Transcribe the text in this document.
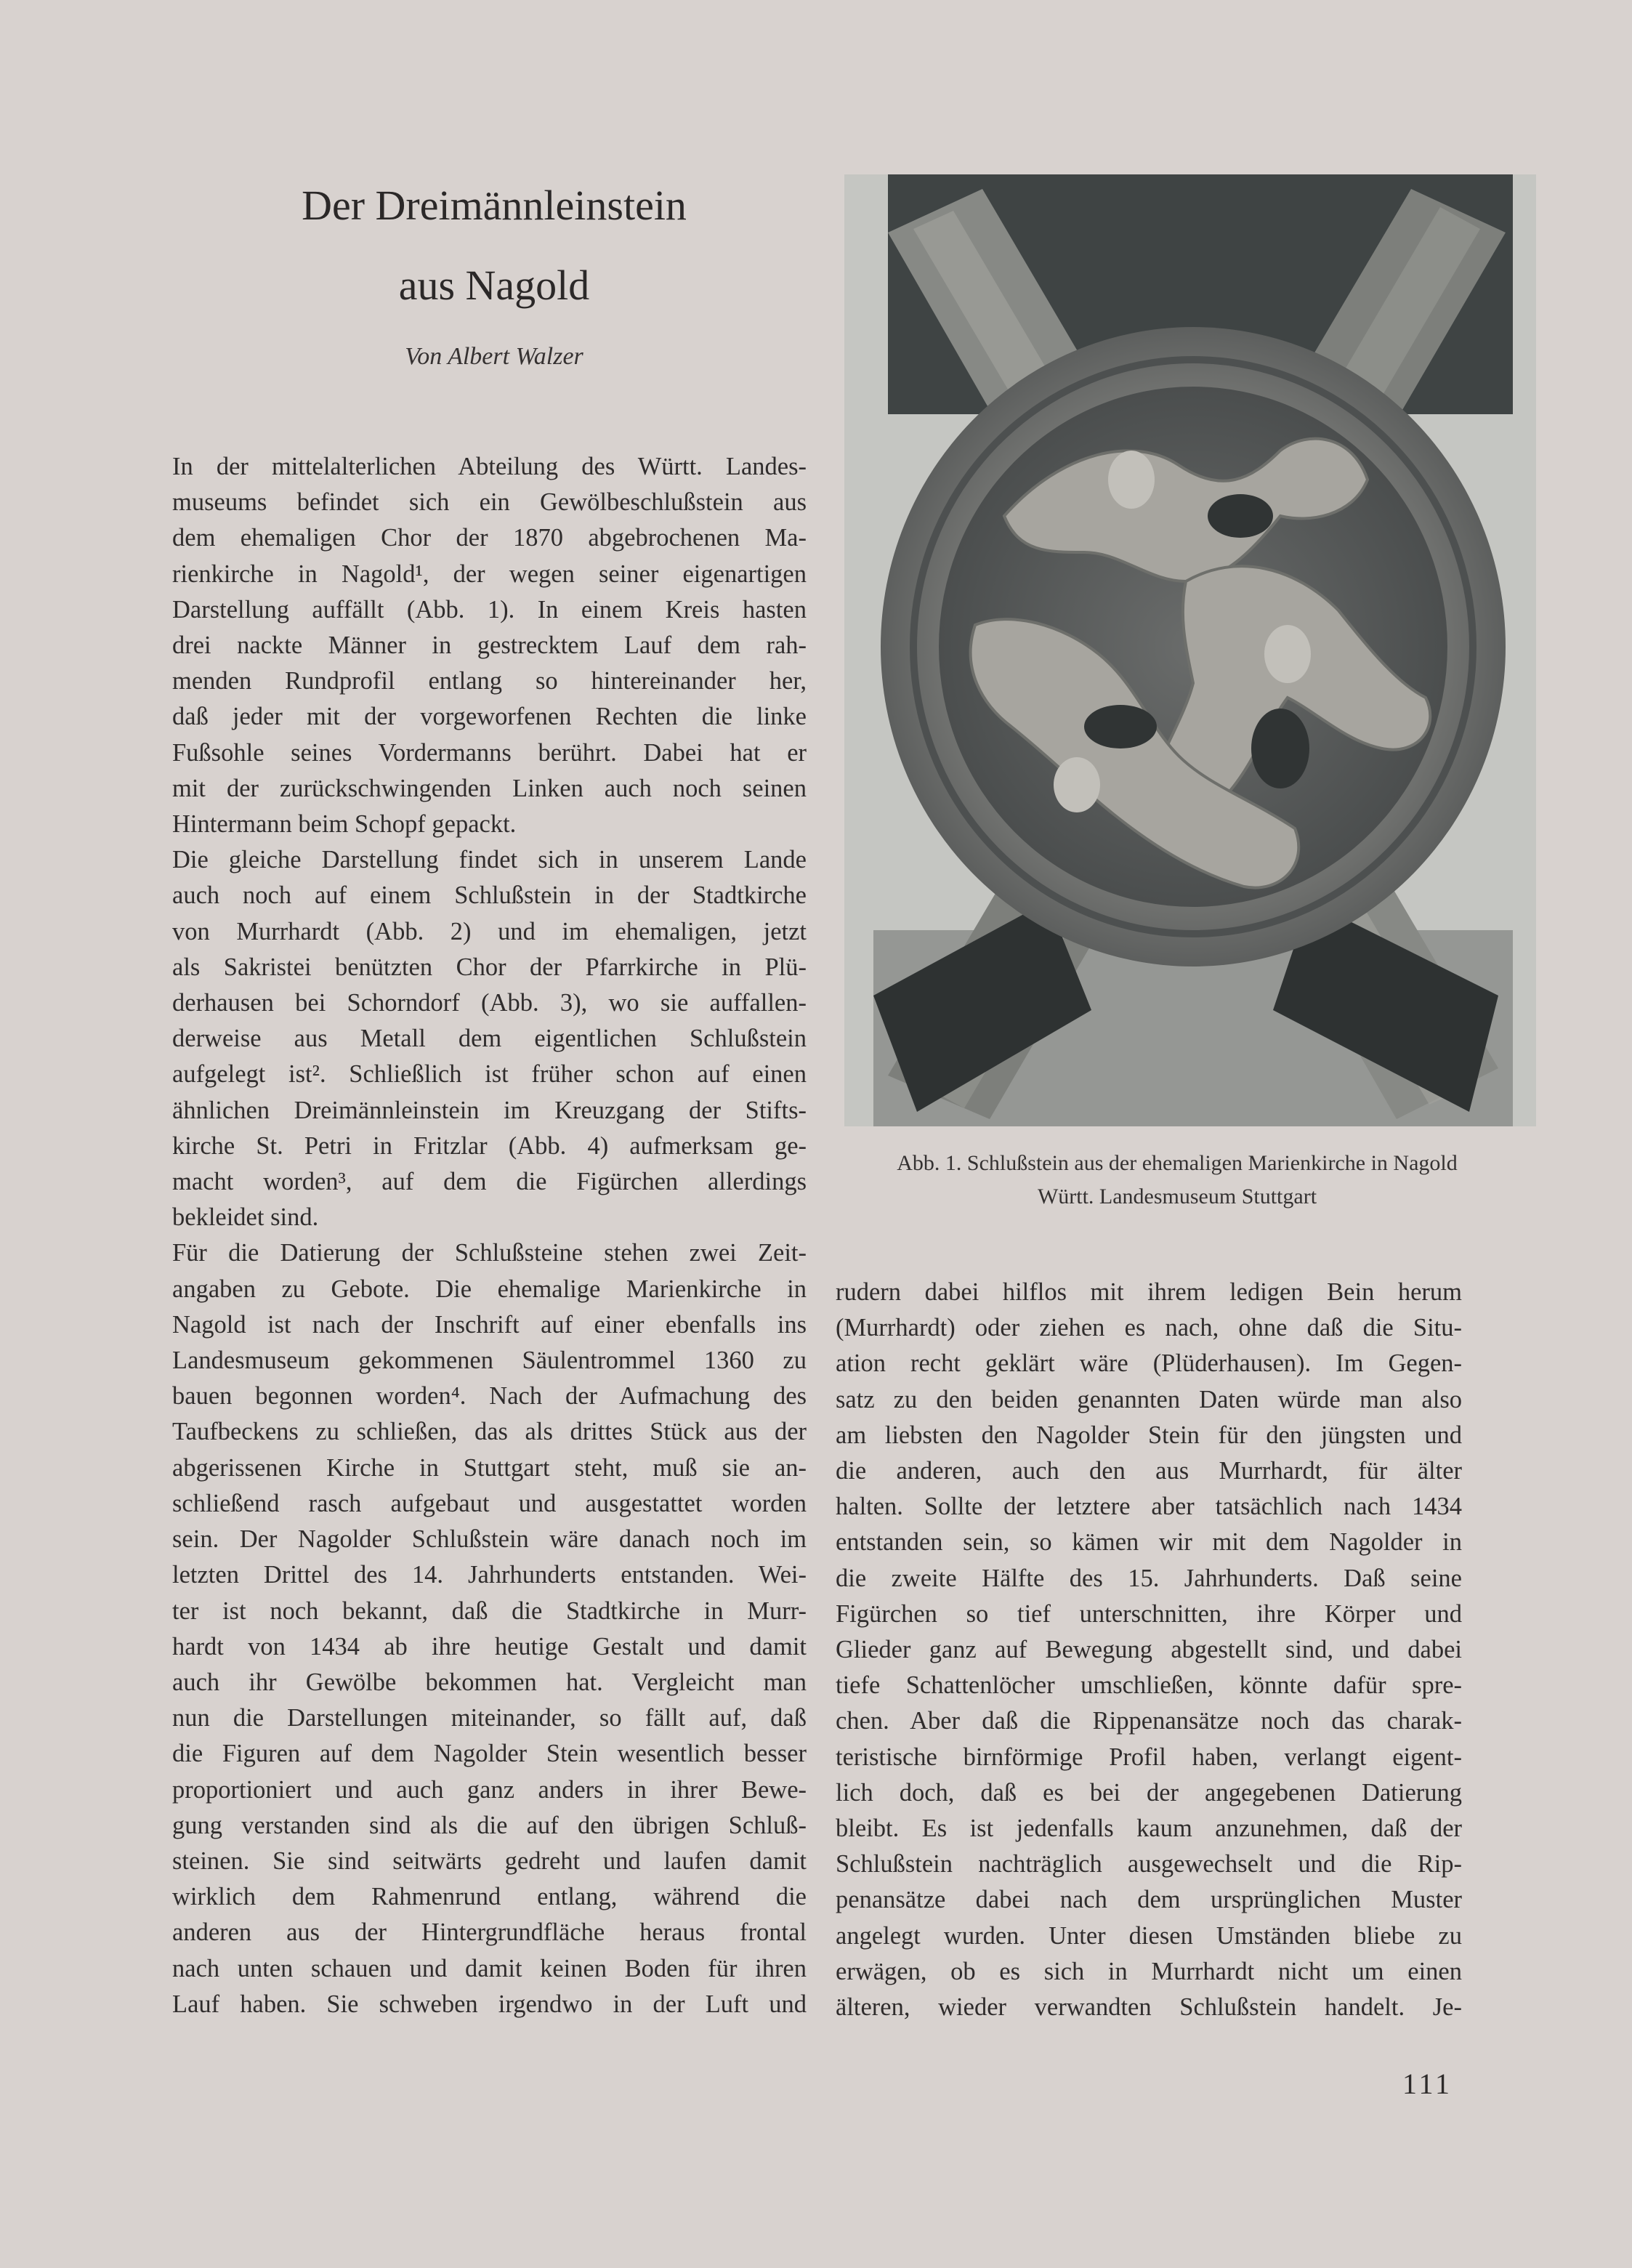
Der Dreimännleinstein
aus Nagold

Von Albert Walzer

In der mittelalterlichen Abteilung des Württ. Landes-
museums befindet sich ein Gewölbeschlußstein aus
dem ehemaligen Chor der 1870 abgebrochenen Ma-
rienkirche in Nagold¹, der wegen seiner eigenartigen
Darstellung auffällt (Abb. 1). In einem Kreis hasten
drei nackte Männer in gestrecktem Lauf dem rah-
menden Rundprofil entlang so hintereinander her,
daß jeder mit der vorgeworfenen Rechten die linke
Fußsohle seines Vordermanns berührt. Dabei hat er
mit der zurückschwingenden Linken auch noch seinen
Hintermann beim Schopf gepackt.
Die gleiche Darstellung findet sich in unserem Lande
auch noch auf einem Schlußstein in der Stadtkirche
von Murrhardt (Abb. 2) und im ehemaligen, jetzt
als Sakristei benützten Chor der Pfarrkirche in Plü-
derhausen bei Schorndorf (Abb. 3), wo sie auffallen-
derweise aus Metall dem eigentlichen Schlußstein
aufgelegt ist². Schließlich ist früher schon auf einen
ähnlichen Dreimännleinstein im Kreuzgang der Stifts-
kirche St. Petri in Fritzlar (Abb. 4) aufmerksam ge-
macht worden³, auf dem die Figürchen allerdings
bekleidet sind.
Für die Datierung der Schlußsteine stehen zwei Zeit-
angaben zu Gebote. Die ehemalige Marienkirche in
Nagold ist nach der Inschrift auf einer ebenfalls ins
Landesmuseum gekommenen Säulentrommel 1360 zu
bauen begonnen worden⁴. Nach der Aufmachung des
Taufbeckens zu schließen, das als drittes Stück aus der
abgerissenen Kirche in Stuttgart steht, muß sie an-
schließend rasch aufgebaut und ausgestattet worden
sein. Der Nagolder Schlußstein wäre danach noch im
letzten Drittel des 14. Jahrhunderts entstanden. Wei-
ter ist noch bekannt, daß die Stadtkirche in Murr-
hardt von 1434 ab ihre heutige Gestalt und damit
auch ihr Gewölbe bekommen hat. Vergleicht man
nun die Darstellungen miteinander, so fällt auf, daß
die Figuren auf dem Nagolder Stein wesentlich besser
proportioniert und auch ganz anders in ihrer Bewe-
gung verstanden sind als die auf den übrigen Schluß-
steinen. Sie sind seitwärts gedreht und laufen damit
wirklich dem Rahmenrund entlang, während die
anderen aus der Hintergrundfläche heraus frontal
nach unten schauen und damit keinen Boden für ihren
Lauf haben. Sie schweben irgendwo in der Luft und
Abb. 1. Schlußstein aus der ehemaligen Marienkirche in Nagold
Württ. Landesmuseum Stuttgart
rudern dabei hilflos mit ihrem ledigen Bein herum
(Murrhardt) oder ziehen es nach, ohne daß die Situ-
ation recht geklärt wäre (Plüderhausen). Im Gegen-
satz zu den beiden genannten Daten würde man also
am liebsten den Nagolder Stein für den jüngsten und
die anderen, auch den aus Murrhardt, für älter
halten. Sollte der letztere aber tatsächlich nach 1434
entstanden sein, so kämen wir mit dem Nagolder in
die zweite Hälfte des 15. Jahrhunderts. Daß seine
Figürchen so tief unterschnitten, ihre Körper und
Glieder ganz auf Bewegung abgestellt sind, und dabei
tiefe Schattenlöcher umschließen, könnte dafür spre-
chen. Aber daß die Rippenansätze noch das charak-
teristische birnförmige Profil haben, verlangt eigent-
lich doch, daß es bei der angegebenen Datierung
bleibt. Es ist jedenfalls kaum anzunehmen, daß der
Schlußstein nachträglich ausgewechselt und die Rip-
penansätze dabei nach dem ursprünglichen Muster
angelegt wurden. Unter diesen Umständen bliebe zu
erwägen, ob es sich in Murrhardt nicht um einen
älteren, wieder verwandten Schlußstein handelt. Je-
111
